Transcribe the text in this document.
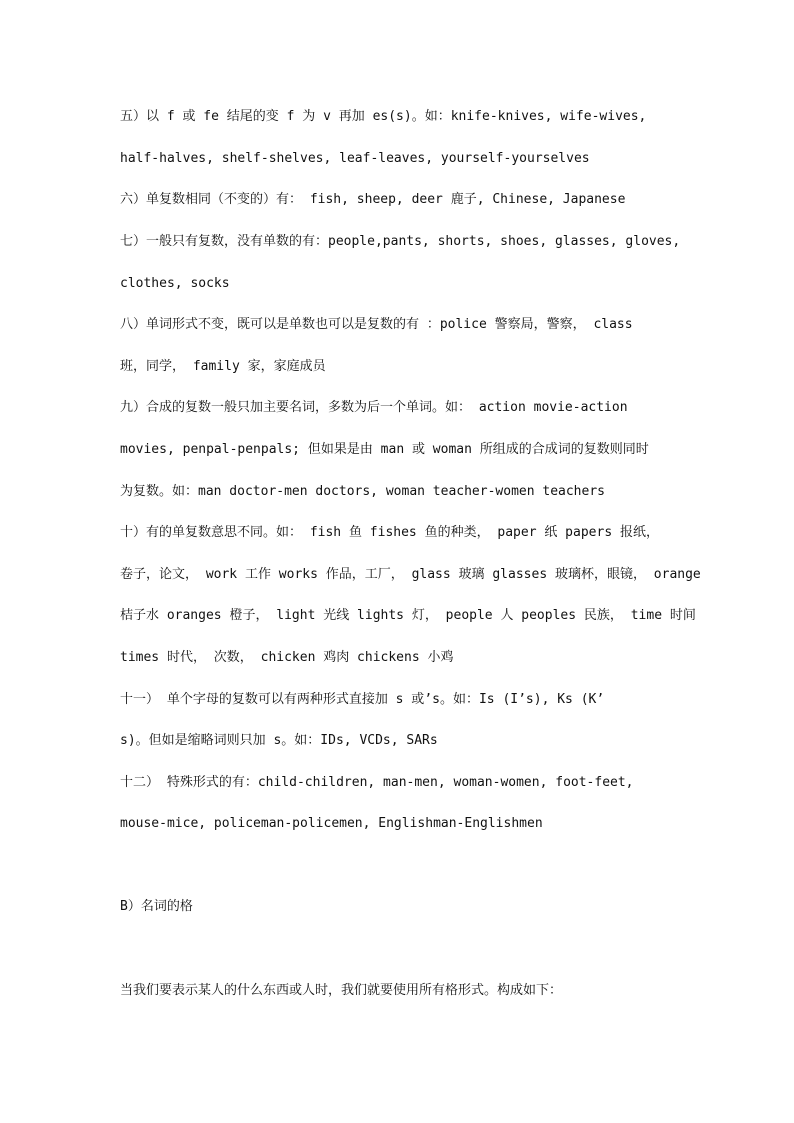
五）以 f 或 fe 结尾的变 f 为 v 再加 es(s)。如：knife-knives, wife-wives,
half-halves, shelf-shelves, leaf-leaves, yourself-yourselves
六）单复数相同（不变的）有： fish, sheep, deer 鹿子, Chinese, Japanese
七）一般只有复数，没有单数的有：people,pants, shorts, shoes, glasses, gloves,
clothes, socks
八）单词形式不变，既可以是单数也可以是复数的有 ：police 警察局，警察， class
班，同学， family 家，家庭成员
九）合成的复数一般只加主要名词，多数为后一个单词。如： action movie-action
movies, penpal-penpals; 但如果是由 man 或 woman 所组成的合成词的复数则同时
为复数。如：man doctor-men doctors, woman teacher-women teachers
十）有的单复数意思不同。如： fish 鱼 fishes 鱼的种类， paper 纸 papers 报纸，
卷子，论文， work 工作 works 作品，工厂， glass 玻璃 glasses 玻璃杯，眼镜， orange
桔子水 oranges 橙子， light 光线 lights 灯， people 人 peoples 民族， time 时间
times 时代， 次数， chicken 鸡肉 chickens 小鸡
十一） 单个字母的复数可以有两种形式直接加 s 或’s。如：Is (I’s), Ks (K’
s)。但如是缩略词则只加 s。如：IDs, VCDs, SARs
十二） 特殊形式的有：child-children, man-men, woman-women, foot-feet,
mouse-mice, policeman-policemen, Englishman-Englishmen
B）名词的格
当我们要表示某人的什么东西或人时，我们就要使用所有格形式。构成如下：
